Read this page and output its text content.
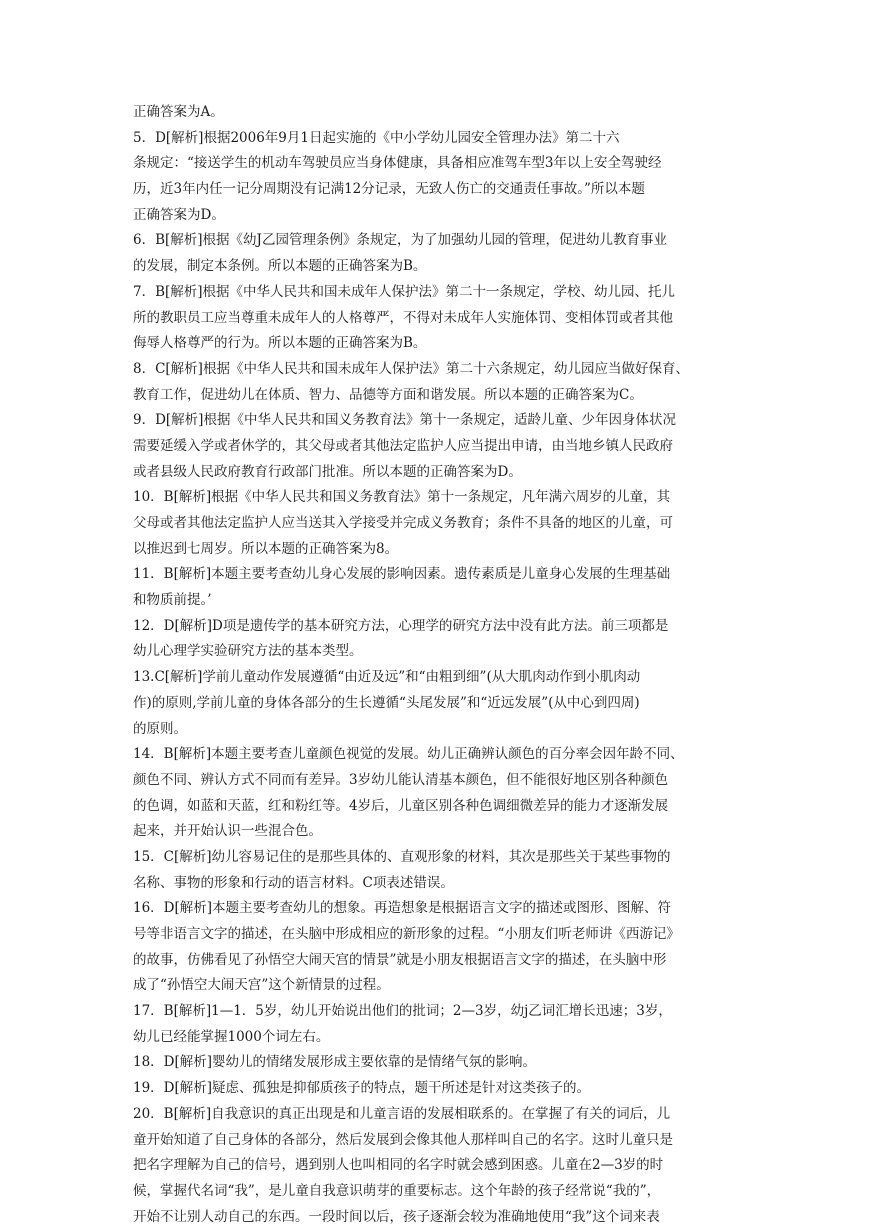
正确答案为A。
5．D[解析]根据2006年9月1日起实施的《中小学幼儿园安全管理办法》第二十六
条规定：“接送学生的机动车驾驶员应当身体健康，具备相应准驾车型3年以上安全驾驶经
历，近3年内任一记分周期没有记满12分记录，无致人伤亡的交通责任事故。”所以本题
正确答案为D。
6．B[解析]根据《幼J乙园管理条例》条规定，为了加强幼儿园的管理，促进幼儿教育事业
的发展，制定本条例。所以本题的正确答案为B。
7．B[解析]根据《中华人民共和国未成年人保护法》第二十一条规定，学校、幼儿园、托儿
所的教职员工应当尊重未成年人的人格尊严，不得对未成年人实施体罚、变相体罚或者其他
侮辱人格尊严的行为。所以本题的正确答案为B。
8．C[解析]根据《中华人民共和国未成年人保护法》第二十六条规定，幼儿园应当做好保育、
教育工作，促进幼儿在体质、智力、品德等方面和谐发展。所以本题的正确答案为C。
9．D[解析]根据《中华人民共和国义务教育法》第十一条规定，适龄儿童、少年因身体状况
需要延缓入学或者休学的，其父母或者其他法定监护人应当提出申请，由当地乡镇人民政府
或者县级人民政府教育行政部门批准。所以本题的正确答案为D。
10．B[解析]根据《中华人民共和国义务教育法》第十一条规定，凡年满六周岁的儿童，其
父母或者其他法定监护人应当送其入学接受并完成义务教育；条件不具备的地区的儿童，可
以推迟到七周岁。所以本题的正确答案为8。
11．B[解析]本题主要考查幼儿身心发展的影响因素。遗传素质是儿童身心发展的生理基础
和物质前提。’
12．D[解析]D项是遗传学的基本研究方法，心理学的研究方法中没有此方法。前三项都是
幼儿心理学实验研究方法的基本类型。
13.C[解析]学前儿童动作发展遵循“由近及远”和“由粗到细”(从大肌肉动作到小肌肉动
作)的原则,学前儿童的身体各部分的生长遵循“头尾发展”和“近远发展”(从中心到四周)
的原则。
14．B[解析]本题主要考查儿童颜色视觉的发展。幼儿正确辨认颜色的百分率会因年龄不同、
颜色不同、辨认方式不同而有差异。3岁幼儿能认清基本颜色，但不能很好地区别各种颜色
的色调，如蓝和天蓝，红和粉红等。4岁后，儿童区别各种色调细微差异的能力才逐渐发展
起来，并开始认识一些混合色。
15．C[解析]幼儿容易记住的是那些具体的、直观形象的材料，其次是那些关于某些事物的
名称、事物的形象和行动的语言材料。C项表述错误。
16．D[解析]本题主要考查幼儿的想象。再造想象是根据语言文字的描述或图形、图解、符
号等非语言文字的描述，在头脑中形成相应的新形象的过程。“小朋友们听老师讲《西游记》
的故事，仿佛看见了孙悟空大闹天宫的情景”就是小朋友根据语言文字的描述，在头脑中形
成了“孙悟空大闹天宫”这个新情景的过程。
17．B[解析]1—1．5岁，幼儿开始说出他们的批词；2—3岁，幼j乙词汇增长迅速；3岁，
幼儿已经能掌握1000个词左右。
18．D[解析]婴幼儿的情绪发展形成主要依靠的是情绪气氛的影响。
19．D[解析]疑虑、孤独是抑郁质孩子的特点，题干所述是针对这类孩子的。
20．B[解析]自我意识的真正出现是和儿童言语的发展相联系的。在掌握了有关的词后，儿
童开始知道了自己身体的各部分，然后发展到会像其他人那样叫自己的名字。这时儿童只是
把名字理解为自己的信号，遇到别人也叫相同的名字时就会感到困惑。儿童在2—3岁的时
候，掌握代名词“我”，是儿童自我意识萌芽的重要标志。这个年龄的孩子经常说“我的”，
开始不让别人动自己的东西。一段时间以后，孩子逐渐会较为准确地使用“我”这个词来表
